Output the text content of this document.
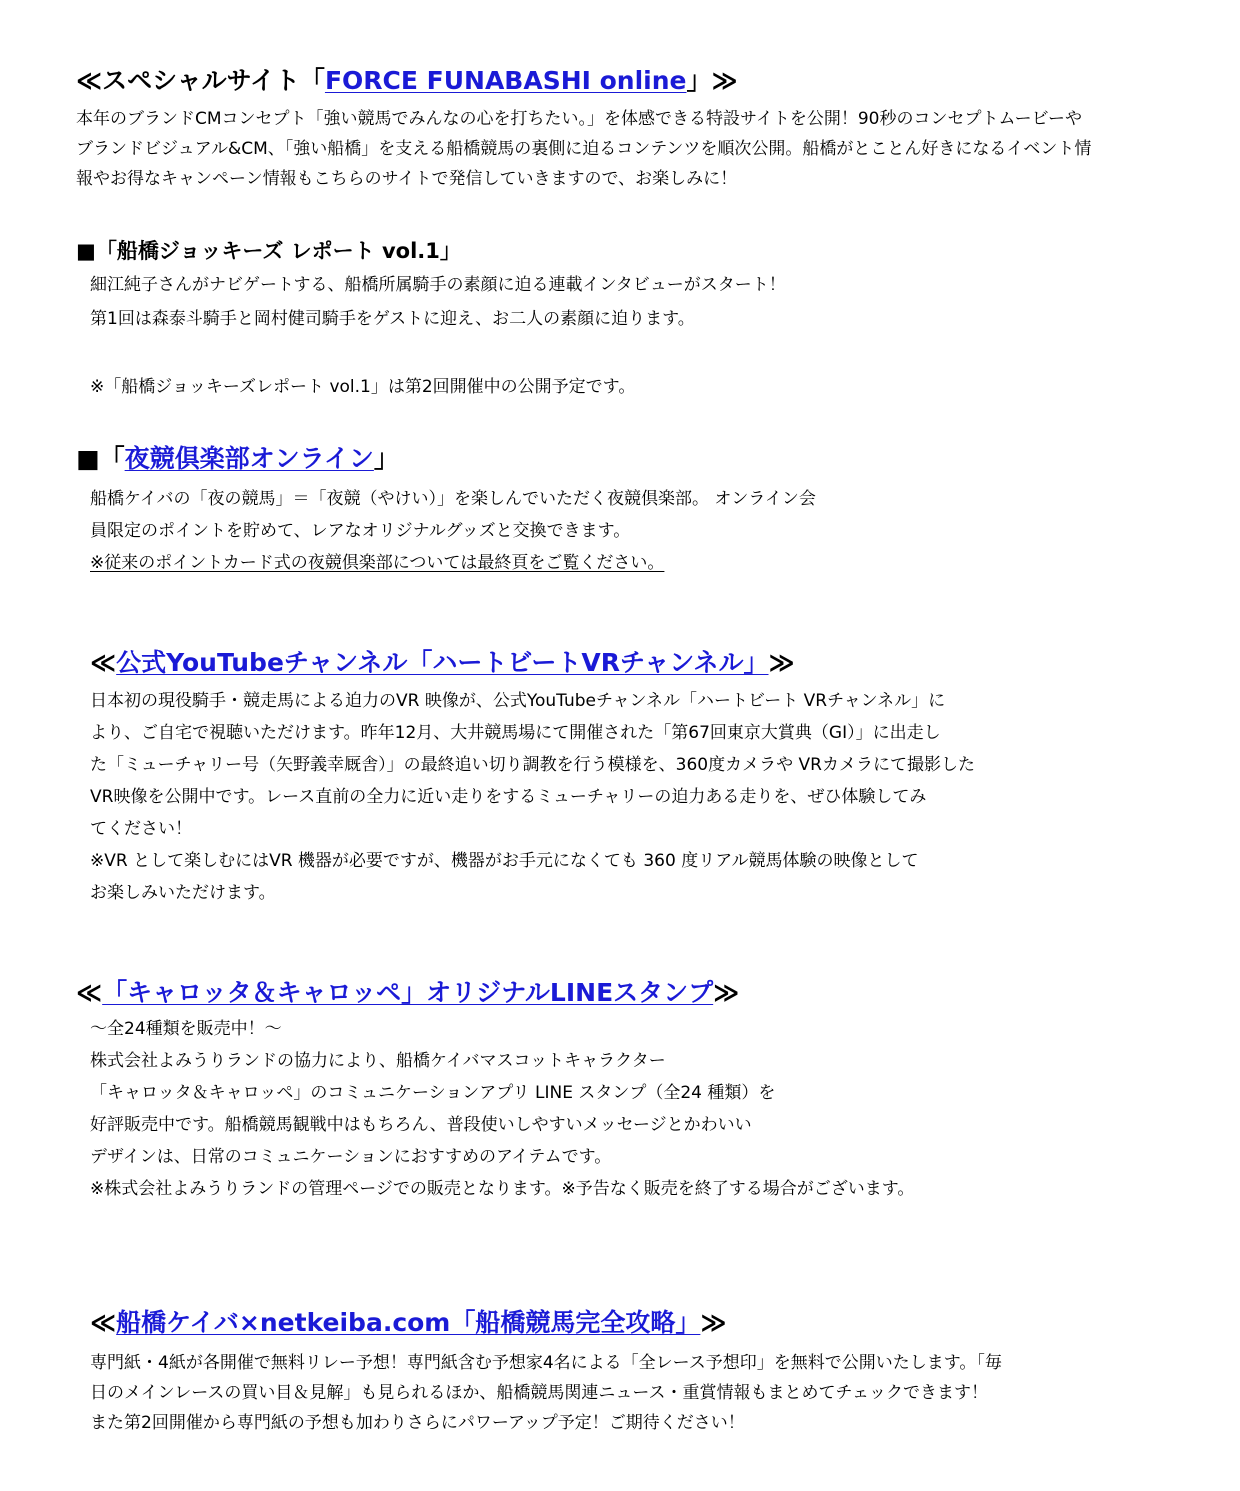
≪スペシャルサイト「FORCE FUNABASHI online」≫

本年のブランドCMコンセプト「強い競馬でみんなの心を打ちたい。」を体感できる特設サイトを公開！90秒のコンセプトムービーや

ブランドビジュアル&CM、「強い船橋」を支える船橋競馬の裏側に迫るコンテンツを順次公開。船橋がとことん好きになるイベント情

報やお得なキャンペーン情報もこちらのサイトで発信していきますので、お楽しみに！

■「船橋ジョッキーズ レポート vol.1」

細江純子さんがナビゲートする、船橋所属騎手の素顔に迫る連載インタビューがスタート！

第1回は森泰斗騎手と岡村健司騎手をゲストに迎え、お二人の素顔に迫ります。

※「船橋ジョッキーズレポート vol.1」は第2回開催中の公開予定です。

■「夜競倶楽部オンライン」

船橋ケイバの「夜の競馬」＝「夜競（やけい）」を楽しんでいただく夜競倶楽部。 オンライン会

員限定のポイントを貯めて、レアなオリジナルグッズと交換できます。

※従来のポイントカード式の夜競倶楽部については最終頁をご覧ください。

≪公式YouTubeチャンネル「ハートビートVRチャンネル」≫

日本初の現役騎手・競走馬による迫力のVR 映像が、公式YouTubeチャンネル「ハートビート VRチャンネル」に

より、ご自宅で視聴いただけます。昨年12月、大井競馬場にて開催された「第67回東京大賞典（GI）」に出走し

た「ミューチャリー号（矢野義幸厩舎）」の最終追い切り調教を行う模様を、360度カメラや VRカメラにて撮影した

VR映像を公開中です。レース直前の全力に近い走りをするミューチャリーの迫力ある走りを、ぜひ体験してみ

てください！

※VR として楽しむにはVR 機器が必要ですが、機器がお手元になくても 360 度リアル競馬体験の映像として

お楽しみいただけます。

≪「キャロッタ＆キャロッペ」オリジナルLINEスタンプ≫

～全24種類を販売中！～

株式会社よみうりランドの協力により、船橋ケイバマスコットキャラクター

「キャロッタ＆キャロッペ」のコミュニケーションアプリ LINE スタンプ（全24 種類）を

好評販売中です。船橋競馬観戦中はもちろん、普段使いしやすいメッセージとかわいい

デザインは、日常のコミュニケーションにおすすめのアイテムです。

※株式会社よみうりランドの管理ページでの販売となります。※予告なく販売を終了する場合がございます。

≪船橋ケイバ×netkeiba.com「船橋競馬完全攻略」≫

専門紙・4紙が各開催で無料リレー予想！専門紙含む予想家4名による「全レース予想印」を無料で公開いたします。「毎

日のメインレースの買い目＆見解」も見られるほか、船橋競馬関連ニュース・重賞情報もまとめてチェックできます！

また第2回開催から専門紙の予想も加わりさらにパワーアップ予定！ご期待ください！
